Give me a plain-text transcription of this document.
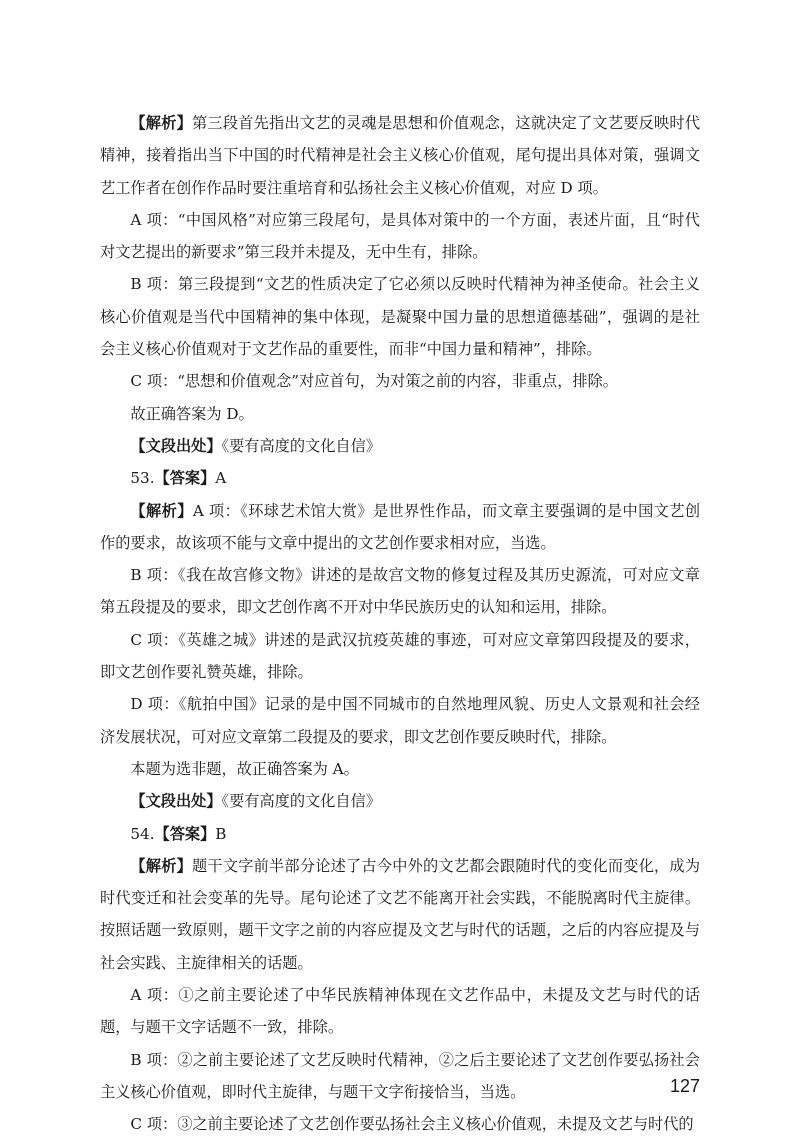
【解析】第三段首先指出文艺的灵魂是思想和价值观念，这就决定了文艺要反映时代精神，接着指出当下中国的时代精神是社会主义核心价值观，尾句提出具体对策，强调文艺工作者在创作作品时要注重培育和弘扬社会主义核心价值观，对应 D 项。

A 项：“中国风格”对应第三段尾句，是具体对策中的一个方面，表述片面，且“时代对文艺提出的新要求”第三段并未提及，无中生有，排除。

B 项：第三段提到“文艺的性质决定了它必须以反映时代精神为神圣使命。社会主义核心价值观是当代中国精神的集中体现，是凝聚中国力量的思想道德基础”，强调的是社会主义核心价值观对于文艺作品的重要性，而非“中国力量和精神”，排除。

C 项：“思想和价值观念”对应首句，为对策之前的内容，非重点，排除。

故正确答案为 D。

【文段出处】《要有高度的文化自信》

53.【答案】A

【解析】A 项：《环球艺术馆大赏》是世界性作品，而文章主要强调的是中国文艺创作的要求，故该项不能与文章中提出的文艺创作要求相对应，当选。

B 项：《我在故宫修文物》讲述的是故宫文物的修复过程及其历史源流，可对应文章第五段提及的要求，即文艺创作离不开对中华民族历史的认知和运用，排除。

C 项：《英雄之城》讲述的是武汉抗疫英雄的事迹，可对应文章第四段提及的要求，即文艺创作要礼赞英雄，排除。

D 项：《航拍中国》记录的是中国不同城市的自然地理风貌、历史人文景观和社会经济发展状况，可对应文章第二段提及的要求，即文艺创作要反映时代，排除。

本题为选非题，故正确答案为 A。

【文段出处】《要有高度的文化自信》

54.【答案】B

【解析】题干文字前半部分论述了古今中外的文艺都会跟随时代的变化而变化，成为时代变迁和社会变革的先导。尾句论述了文艺不能离开社会实践，不能脱离时代主旋律。按照话题一致原则，题干文字之前的内容应提及文艺与时代的话题，之后的内容应提及与社会实践、主旋律相关的话题。

A 项：①之前主要论述了中华民族精神体现在文艺作品中，未提及文艺与时代的话题，与题干文字话题不一致，排除。

B 项：②之前主要论述了文艺反映时代精神，②之后主要论述了文艺创作要弘扬社会主义核心价值观，即时代主旋律，与题干文字衔接恰当，当选。

C 项：③之前主要论述了文艺创作要弘扬社会主义核心价值观，未提及文艺与时代的

127
